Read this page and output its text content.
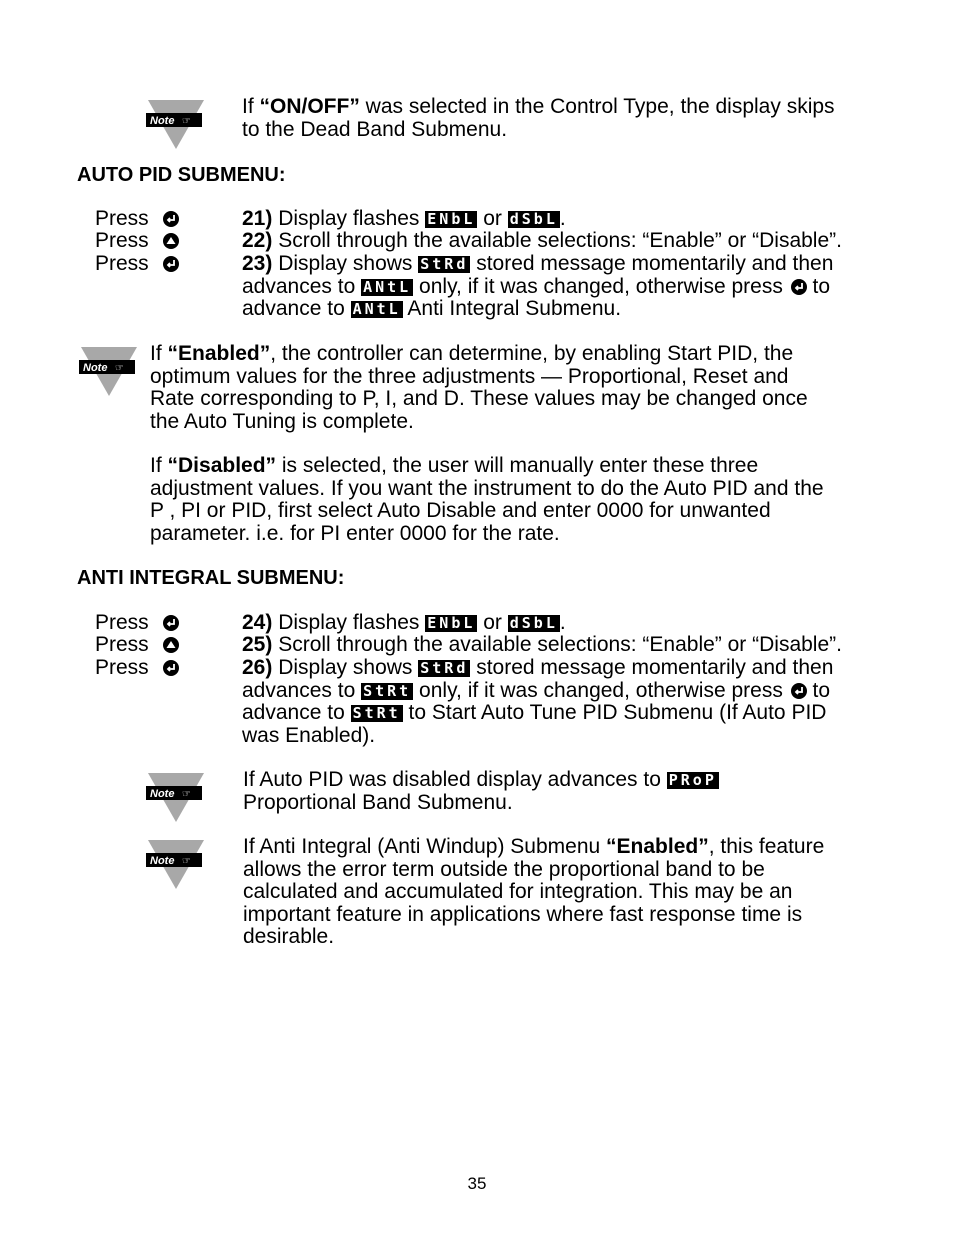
Note ☞
If “ON/OFF” was selected in the Control Type, the display skips
to the Dead Band Submenu.
AUTO PID SUBMENU:
Press
Press
Press
21) Display flashes ENbL or dSbL.
22) Scroll through the available selections: “Enable” or “Disable”.
23) Display shows StRd stored message momentarily and then
advances to ANtL only, if it was changed, otherwise press
to
advance to ANtL Anti Integral Submenu.
Note ☞
If “Enabled”, the controller can determine, by enabling Start PID, the
optimum values for the three adjustments — Proportional, Reset and
Rate corresponding to P, I, and D. These values may be changed once
the Auto Tuning is complete.
If “Disabled” is selected, the user will manually enter these three
adjustment values. If you want the instrument to do the Auto PID and the
P , PI or PID, first select Auto Disable and enter 0000 for unwanted
parameter. i.e. for PI enter 0000 for the rate.
ANTI INTEGRAL SUBMENU:
Press
Press
Press
24) Display flashes ENbL or dSbL.
25) Scroll through the available selections: “Enable” or “Disable”.
26) Display shows StRd stored message momentarily and then
advances to StRt only, if it was changed, otherwise press
to
advance to StRt to Start Auto Tune PID Submenu (If Auto PID
was Enabled).
Note ☞
If Auto PID was disabled display advances to PRoP
Proportional Band Submenu.
Note ☞
If Anti Integral (Anti Windup) Submenu “Enabled”, this feature
allows the error term outside the proportional band to be
calculated and accumulated for integration. This may be an
important feature in applications where fast response time is
desirable.
35
